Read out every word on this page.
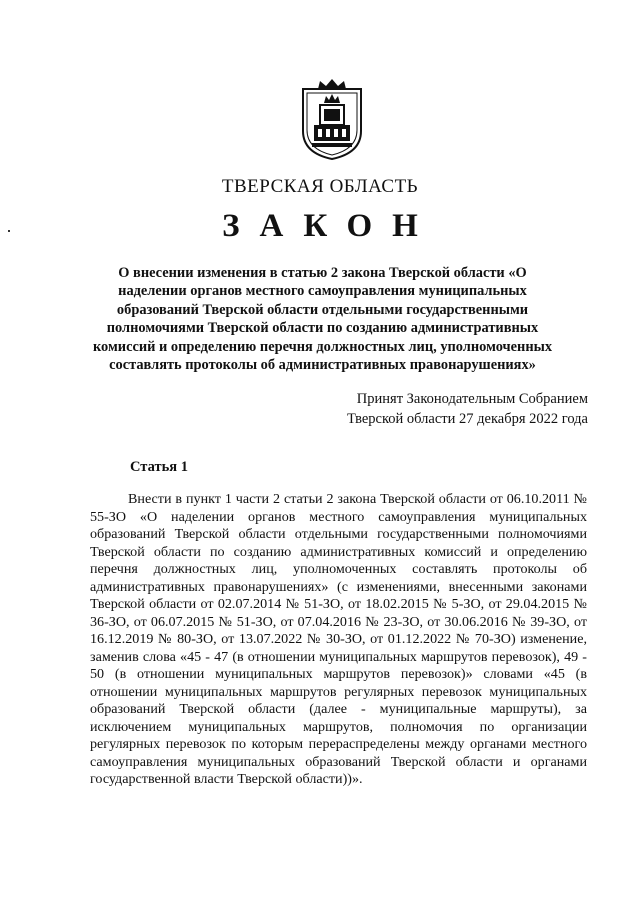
ТВЕРСКАЯ ОБЛАСТЬ
ЗАКОН

О внесении изменения в статью 2 закона Тверской области «О наделении органов местного самоуправления муниципальных образований Тверской области отдельными государственными полномочиями Тверской области по созданию административных комиссий и определению перечня должностных лиц, уполномоченных составлять протоколы об административных правонарушениях»

Принят Законодательным Собранием
Тверской области 27 декабря 2022 года
Статья 1

Внести в пункт 1 части 2 статьи 2 закона Тверской области от 06.10.2011 № 55-ЗО «О наделении органов местного самоуправления муниципальных образований Тверской области отдельными государственными полномочиями Тверской области по созданию административных комиссий и определению перечня должностных лиц, уполномоченных составлять протоколы об административных правонарушениях» (с изменениями, внесенными законами Тверской области от 02.07.2014 № 51-ЗО, от 18.02.2015 № 5-ЗО, от 29.04.2015 № 36-ЗО, от 06.07.2015 № 51-ЗО, от 07.04.2016 № 23-ЗО, от 30.06.2016 № 39-ЗО, от 16.12.2019 № 80-ЗО, от 13.07.2022 № 30-ЗО, от 01.12.2022 № 70-ЗО) изменение, заменив слова «45 - 47 (в отношении муниципальных маршрутов перевозок), 49 - 50 (в отношении муниципальных маршрутов перевозок)» словами «45 (в отношении муниципальных маршрутов регулярных перевозок муниципальных образований Тверской области (далее - муниципальные маршруты), за исключением муниципальных маршрутов, полномочия по организации регулярных перевозок по которым перераспределены между органами местного самоуправления муниципальных образований Тверской области и органами государственной власти Тверской области))».
